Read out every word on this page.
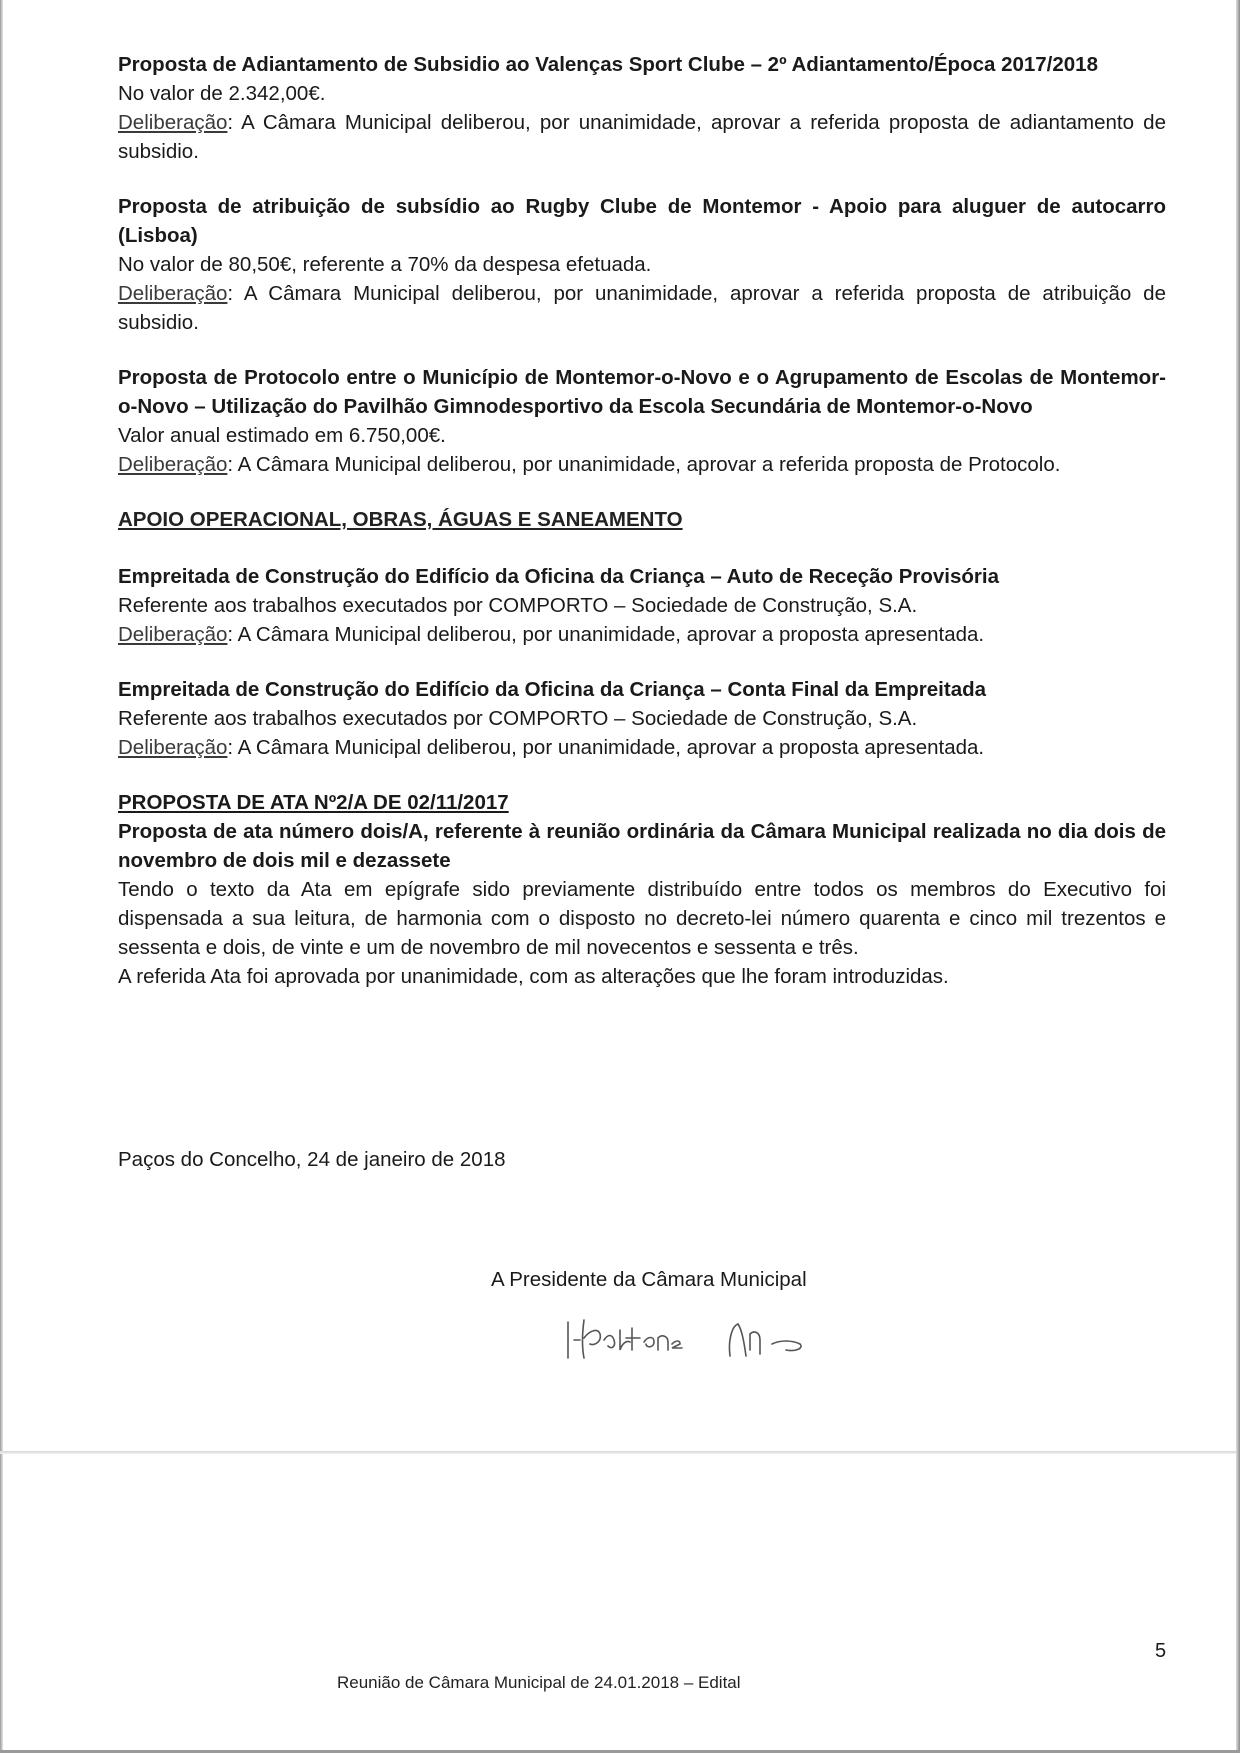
Proposta de Adiantamento de Subsidio ao Valenças Sport Clube – 2º Adiantamento/Época 2017/2018
No valor de 2.342,00€.
Deliberação: A Câmara Municipal deliberou, por unanimidade, aprovar a referida proposta de adiantamento de subsidio.
Proposta de atribuição de subsídio ao Rugby Clube de Montemor - Apoio para aluguer de autocarro (Lisboa)
No valor de 80,50€, referente a 70% da despesa efetuada.
Deliberação: A Câmara Municipal deliberou, por unanimidade, aprovar a referida proposta de atribuição de subsidio.
Proposta de Protocolo entre o Município de Montemor-o-Novo e o Agrupamento de Escolas de Montemor-o-Novo – Utilização do Pavilhão Gimnodesportivo da Escola Secundária de Montemor-o-Novo
Valor anual estimado em 6.750,00€.
Deliberação: A Câmara Municipal deliberou, por unanimidade, aprovar a referida proposta de Protocolo.
APOIO OPERACIONAL, OBRAS, ÁGUAS E SANEAMENTO
Empreitada de Construção do Edifício da Oficina da Criança – Auto de Receção Provisória
Referente aos trabalhos executados por COMPORTO – Sociedade de Construção, S.A.
Deliberação: A Câmara Municipal deliberou, por unanimidade, aprovar a proposta apresentada.
Empreitada de Construção do Edifício da Oficina da Criança – Conta Final da Empreitada
Referente aos trabalhos executados por COMPORTO – Sociedade de Construção, S.A.
Deliberação: A Câmara Municipal deliberou, por unanimidade, aprovar a proposta apresentada.
PROPOSTA DE ATA Nº2/A DE 02/11/2017
Proposta de ata número dois/A, referente à reunião ordinária da Câmara Municipal realizada no dia dois de novembro de dois mil e dezassete
Tendo o texto da Ata em epígrafe sido previamente distribuído entre todos os membros do Executivo foi dispensada a sua leitura, de harmonia com o disposto no decreto-lei número quarenta e cinco mil trezentos e sessenta e dois, de vinte e um de novembro de mil novecentos e sessenta e três.
A referida Ata foi aprovada por unanimidade, com as alterações que lhe foram introduzidas.
Paços do Concelho, 24 de janeiro de 2018
A Presidente da Câmara Municipal
5
Reunião de Câmara Municipal de 24.01.2018 – Edital
